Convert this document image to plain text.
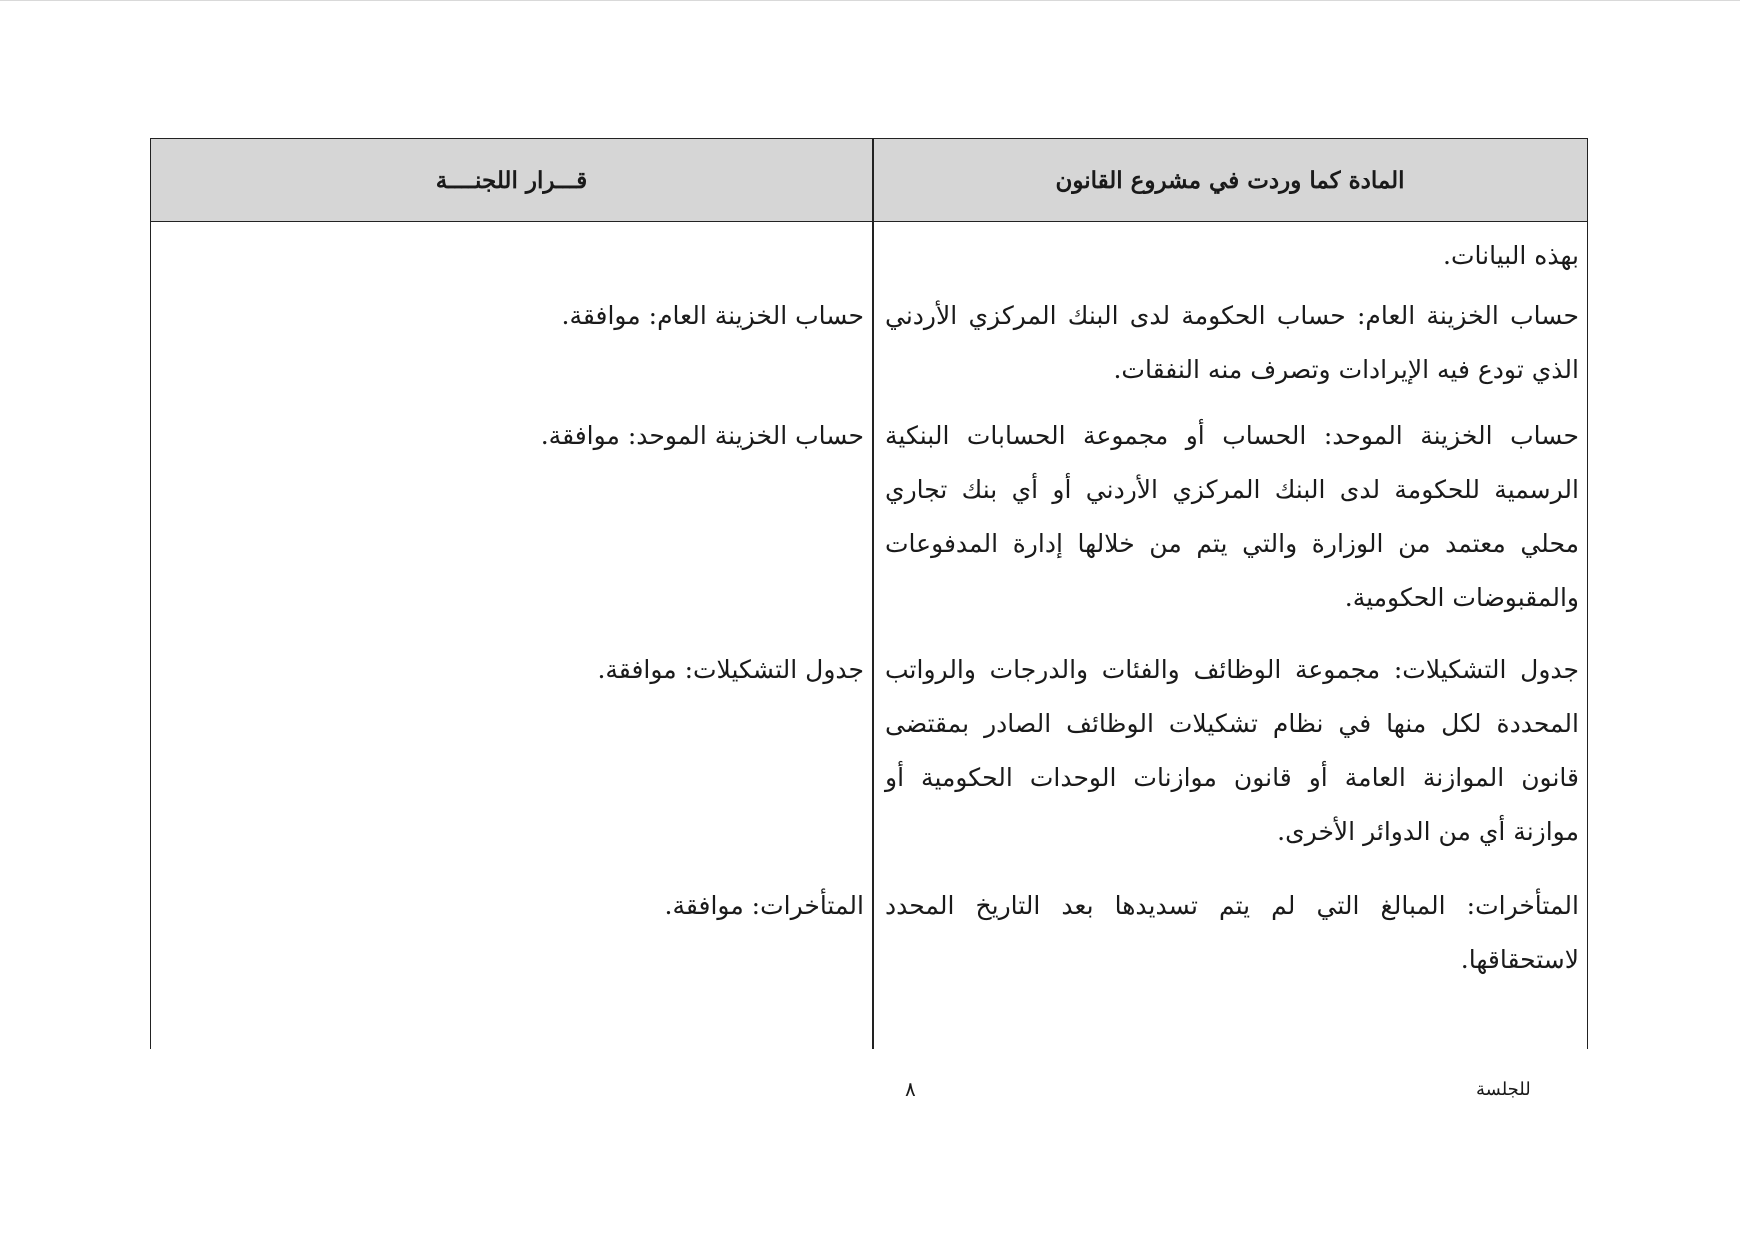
المادة كما وردت في مشروع القانون
قـــرار اللجنــــة
بهذه البيانات.
حساب الخزينة العام: حساب الحكومة لدى البنك المركزي الأردني الذي تودع فيه الإيرادات وتصرف منه النفقات.
حساب الخزينة الموحد: الحساب أو مجموعة الحسابات البنكية الرسمية للحكومة لدى البنك المركزي الأردني أو أي بنك تجاري محلي معتمد من الوزارة والتي يتم من خلالها إدارة المدفوعات والمقبوضات الحكومية.
جدول التشكيلات: مجموعة الوظائف والفئات والدرجات والرواتب المحددة لكل منها في نظام تشكيلات الوظائف الصادر بمقتضى قانون الموازنة العامة أو قانون موازنات الوحدات الحكومية أو موازنة أي من الدوائر الأخرى.
المتأخرات: المبالغ التي لم يتم تسديدها بعد التاريخ المحدد لاستحقاقها.
حساب الخزينة العام: موافقة.
حساب الخزينة الموحد: موافقة.
جدول التشكيلات: موافقة.
المتأخرات: موافقة.
٨	للجلسة
